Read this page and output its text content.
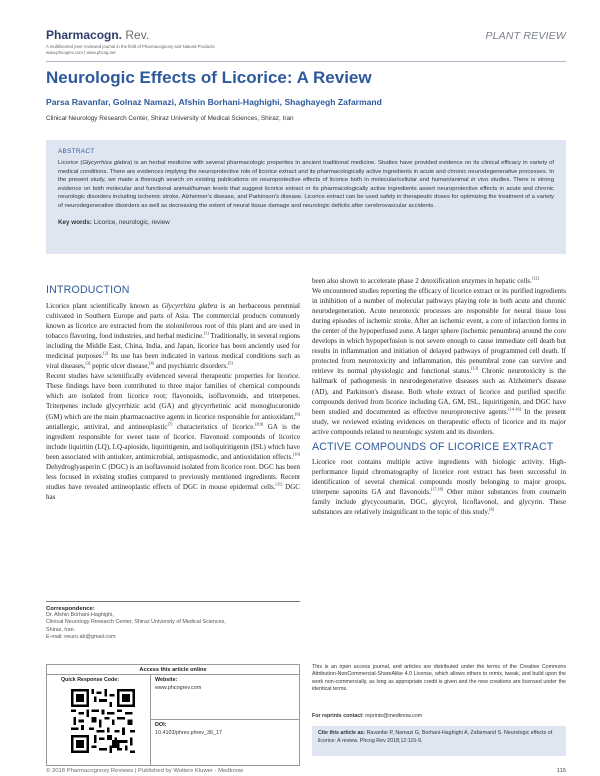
Pharmacogn. Rev.
A multifaceted peer reviewed journal in the field of Pharmacognosy and Natural Products
www.phcogrev.com | www.phcog.net
PLANT REVIEW
Neurologic Effects of Licorice: A Review
Parsa Ravanfar, Golnaz Namazi, Afshin Borhani-Haghighi, Shaghayegh Zafarmand
Clinical Neurology Research Center, Shiraz University of Medical Sciences, Shiraz, Iran
ABSTRACT
Licorice (Glycyrrhiza glabra) is an herbal medicine with several pharmacologic properties in ancient traditional medicine. Studies have provided evidence on its clinical efficacy in variety of medical conditions. There are evidences implying the neuroprotective role of licorice extract and its pharmacologically active ingredients in acute and chronic neurodegenerative processes. In the present study, we made a thorough search on existing publications on neuroprotective effects of licorice both in molecular/cellular and human/animal in vivo studies. There is strong evidence on both molecular and functional animal/human levels that suggest licorice extract or its pharmacologically active ingredients assert neuroprotective effects in acute and chronic neurologic disorders including ischemic stroke, Alzheimer's disease, and Parkinson's disease. Licorice extract can be used safely in therapeutic doses for optimizing the treatment of a variety of neurodegenerative disorders as well as decreasing the extent of neural tissue damage and neurologic deficits after cerebrovascular accidents.
Key words: Licorice, neurologic, review
INTRODUCTION

Licorice plant scientifically known as Glycyrrhiza glabra is an herbaceous perennial cultivated in Southern Europe and parts of Asia. The commercial products commonly known as licorice are extracted from the stoloniferous root of this plant and are used in tobacco flavoring, food industries, and herbal medicine.[1] Traditionally, in several regions including the Middle East, China, India, and Japan, licorice has been anciently used for medicinal purposes.[2] Its use has been indicated in various medical conditions such as viral diseases,[3] peptic ulcer disease,[4] and psychiatric disorders.[5]

Recent studies have scientifically evidenced several therapeutic properties for licorice. These findings have been contributed to three major families of chemical compounds which are isolated from licorice root; flavonoids, isoflavonoids, and triterpenes. Triterpenes include glycyrrhizic acid (GA) and glycyrrhetinic acid monoglucuronide (GM) which are the main pharmacoactive agents in licorice responsible for antioxidant,[6] antiallergic, antiviral, and antineoplastic[7] characteristics of licorice.[8,9] GA is the ingredient responsible for sweet taste of licorice. Flavonoid compounds of licorice include liquiritin (LQ), LQ-apioside, liquiritigenin, and isoliquiritigenin (ISL) which have been associated with antiulcer, antimicrobial, antispasmodic, and antioxidation effects.[10] Dehydroglyasperin C (DGC) is an isoflavonoid isolated from licorice root. DGC has been less focused in existing studies compared to previously mentioned ingredients. Recent studies have revealed antineoplastic effects of DGC in mouse epidermal cells.[11] DGC has

been also shown to accelerate phase 2 detoxification enzymes in hepatic cells.[12]

We encountered studies reporting the efficacy of licorice extract or its purified ingredients in inhibition of a number of molecular pathways playing role in both acute and chronic neurodegeneration. Acute neurotoxic processes are responsible for neural tissue loss during episodes of ischemic stroke. After an ischemic event, a core of infarction forms in the center of the hypoperfused zone. A larger sphere (ischemic penumbra) around the core develops in which hypoperfusion is not severe enough to cause immediate cell death but results in inflammation and initiation of delayed pathways of programmed cell death. If protected from neurotoxicity and inflammation, this penumbral zone can survive and retrieve its normal physiologic and functional status.[13] Chronic neurotoxicity is the hallmark of pathogenesis in neurodegenerative diseases such as Alzheimer's disease (AD), and Parkinson's disease. Both whole extract of licorice and purified specific compounds derived from licorice including GA, GM, ISL, liquiritigenin, and DGC have been studied and documented as effective neuroprotective agents.[14-16] In the present study, we reviewed existing evidences on therapeutic effects of licorice and its major active compounds related to neurologic system and its disorders.

ACTIVE COMPOUNDS OF LICORICE EXTRACT

Licorice root contains multiple active ingredients with biologic activity. High-performance liquid chromatography of licorice root extract has been successful in identification of several chemical compounds mostly belonging to major groups, triterpene saponins GA and flavonoids.[17,18] Other minor substances from coumarin family include glycycoumarin, DGC, glycyrol, licoflavonol, and glycyrin. These substances are relatively insignificant to the topic of this study.[6]

Correspondence:
Dr. Afshin Borhani-Haghighi,
Clinical Neurology Research Center, Shiraz University of Medical Sciences,
Shiraz, Iran.
E-mail: neuro.ab@gmail.com
Access this article online
Quick Response Code:	Website:
www.phcogrev.com
DOI:
10.4103/phrev.phrev_36_17
This is an open access journal, and articles are distributed under the terms of the Creative Commons Attribution-NonCommercial-ShareAlike 4.0 License, which allows others to remix, tweak, and build upon the work non-commercially, as long as appropriate credit is given and the new creations are licensed under the identical terms.
For reprints contact: reprints@medknow.com
Cite this article as: Ravanfar P, Namazi G, Borhani-Haghighi A, Zafarmand S. Neurologic effects of licorice: A review. Phcog Rev 2018;12:115-9.
© 2018 Pharmacognosy Reviews | Published by Wolters Kluwer - Medknow	115
